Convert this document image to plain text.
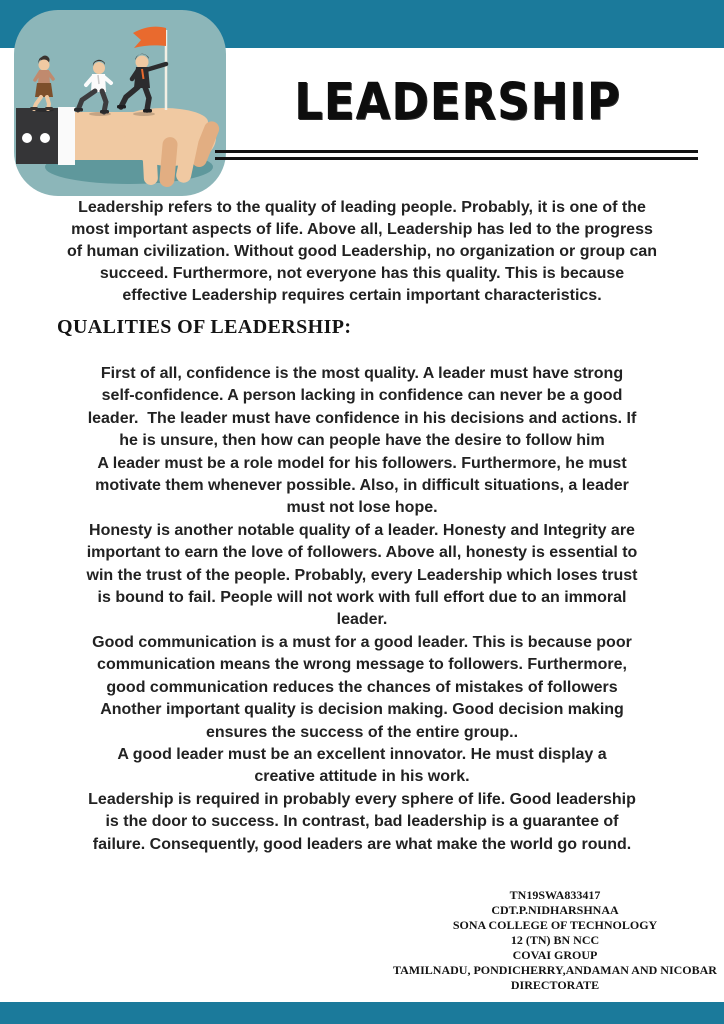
LEADERSHIP
Leadership refers to the quality of leading people. Probably, it is one of the
most important aspects of life. Above all, Leadership has led to the progress
of human civilization. Without good Leadership, no organization or group can
succeed. Furthermore, not everyone has this quality. This is because
effective Leadership requires certain important characteristics.
QUALITIES OF LEADERSHIP:
First of all, confidence is the most quality. A leader must have strong
self-confidence. A person lacking in confidence can never be a good
leader.  The leader must have confidence in his decisions and actions. If
he is unsure, then how can people have the desire to follow him
A leader must be a role model for his followers. Furthermore, he must
motivate them whenever possible. Also, in difficult situations, a leader
must not lose hope.
Honesty is another notable quality of a leader. Honesty and Integrity are
important to earn the love of followers. Above all, honesty is essential to
win the trust of the people. Probably, every Leadership which loses trust
is bound to fail. People will not work with full effort due to an immoral
leader.
Good communication is a must for a good leader. This is because poor
communication means the wrong message to followers. Furthermore,
good communication reduces the chances of mistakes of followers
Another important quality is decision making. Good decision making
ensures the success of the entire group..
A good leader must be an excellent innovator. He must display a
creative attitude in his work.
Leadership is required in probably every sphere of life. Good leadership
is the door to success. In contrast, bad leadership is a guarantee of
failure. Consequently, good leaders are what make the world go round.
TN19SWA833417
CDT.P.NIDHARSHNAA
SONA COLLEGE OF TECHNOLOGY
12 (TN) BN NCC
COVAI GROUP
TAMILNADU, PONDICHERRY,ANDAMAN AND NICOBAR
DIRECTORATE
